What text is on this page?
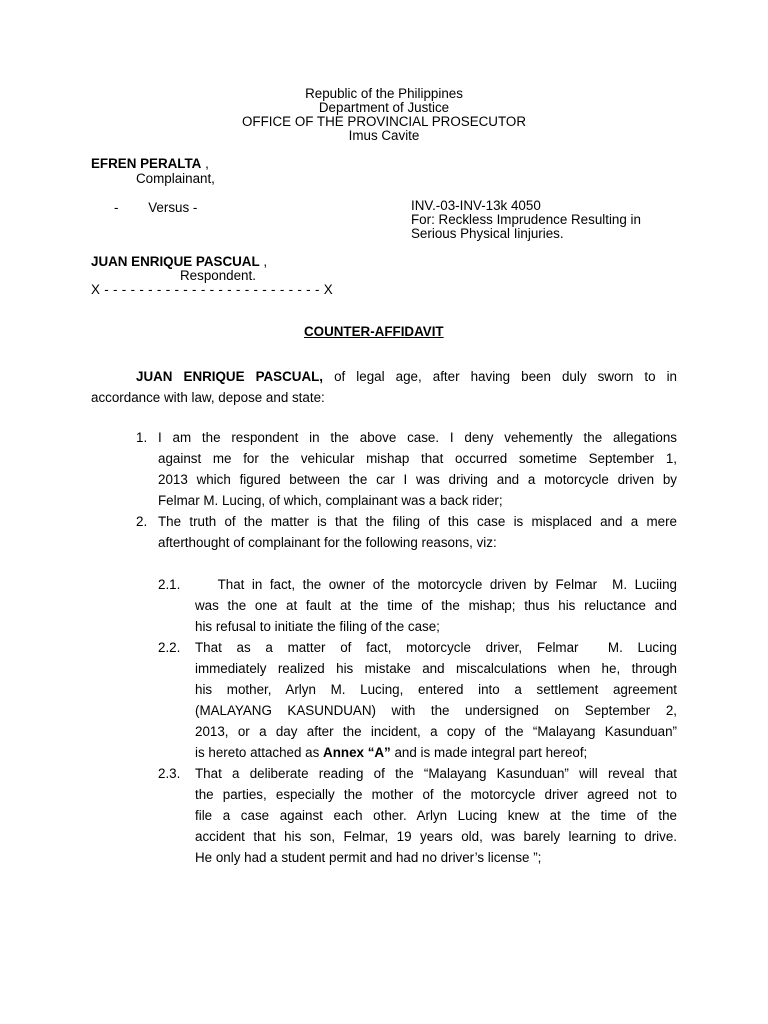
Republic of the Philippines
Department of Justice
OFFICE OF THE PROVINCIAL PROSECUTOR
Imus Cavite
EFREN PERALTA ,
Complainant,
-        Versus -	INV.-03-INV-13k 4050
For: Reckless Imprudence Resulting in
Serious Physical Iinjuries.
JUAN ENRIQUE PASCUAL ,
Respondent.
X - - - - - - - - - - - - - - - - - - - - - - - - - X
COUNTER-AFFIDAVIT
JUAN ENRIQUE PASCUAL, of legal age, after having been duly sworn to in
accordance with law, depose and state:
1. I am the respondent in the above case. I deny vehemently the allegations
against me for the vehicular mishap that occurred sometime September 1,
2013 which figured between the car I was driving and a motorcycle driven by
Felmar M. Lucing, of which, complainant was a back rider;
2. The truth of the matter is that the filing of this case is misplaced and a mere
afterthought of complainant for the following reasons, viz:
2.1. That in fact, the owner of the motorcycle driven by Felmar  M. Luciing
was the one at fault at the time of the mishap; thus his reluctance and
his refusal to initiate the filing of the case;
2.2. That  as  a  matter  of  fact,  motorcycle  driver,  Felmar    M.  Lucing
immediately realized his mistake and miscalculations when he, through
his mother, Arlyn M. Lucing, entered into a settlement agreement
(MALAYANG KASUNDUAN) with the undersigned on September 2,
2013, or a day after the incident, a copy of the “Malayang Kasunduan”
is hereto attached as Annex “A” and is made integral part hereof;
2.3. That a deliberate reading of the “Malayang Kasunduan” will reveal that
the parties, especially the mother of the motorcycle driver agreed not to
file a case against each other. Arlyn Lucing knew at the time of the
accident that his son, Felmar, 19 years old, was barely learning to drive.
He only had a student permit and had no driver’s license ”;
